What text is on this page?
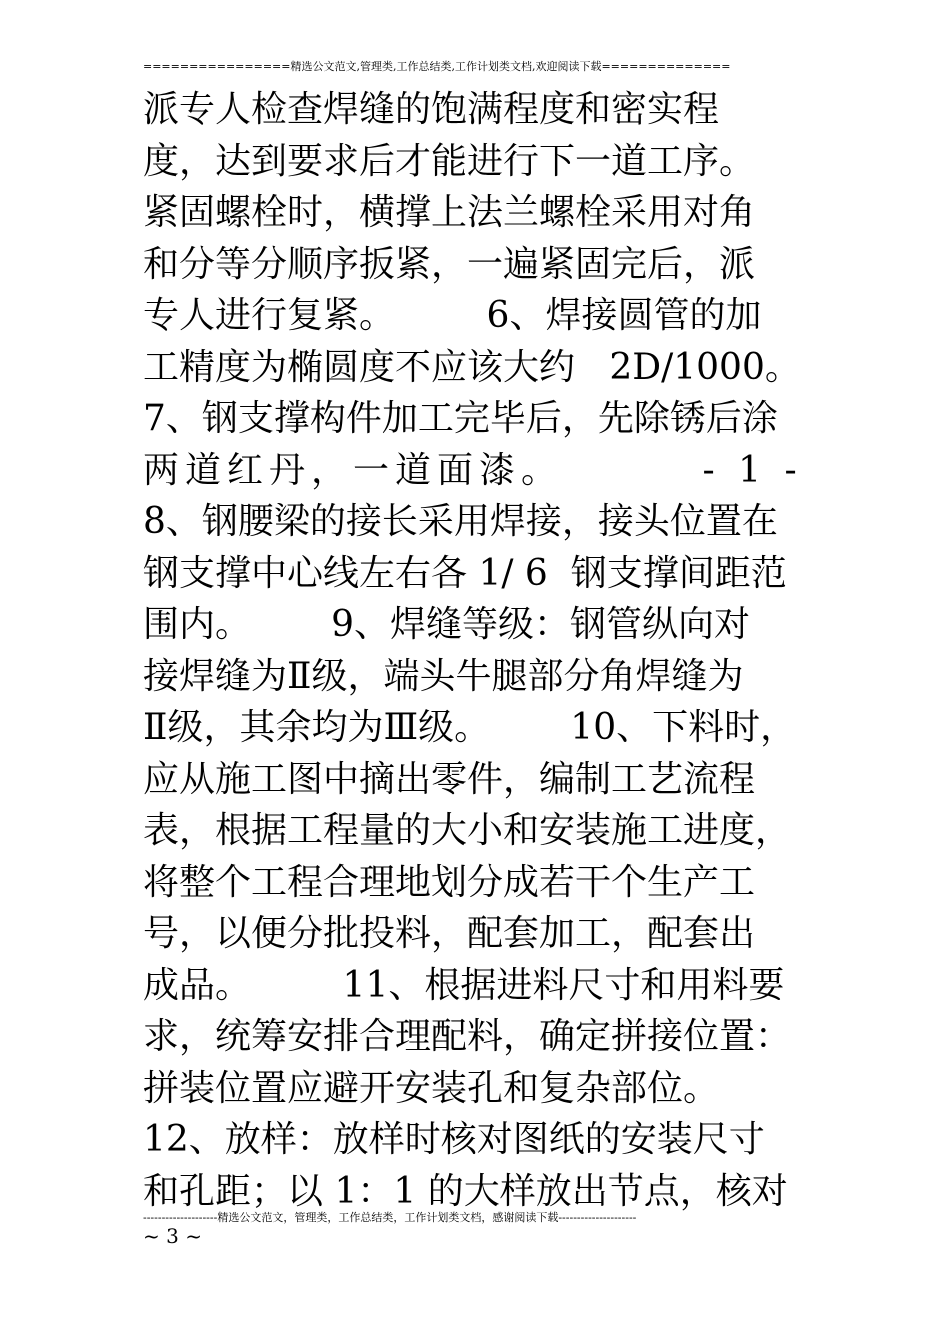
================精选公文范文,管理类,工作总结类,工作计划类文档,欢迎阅读下载==============
派专人检查焊缝的饱满程度和密实程
度，达到要求后才能进行下一道工序。
紧固螺栓时，横撑上法兰螺栓采用对角
和分等分顺序扳紧，一遍紧固完后，派
专人进行复紧。        6、焊接圆管的加
工精度为椭圆度不应该大约   2D/1000。
7、钢支撑构件加工完毕后，先除锈后涂
两道红丹，一道面漆。        - 1 -
8、钢腰梁的接长采用焊接，接头位置在
钢支撑中心线左右各 1/ 6  钢支撑间距范
围内。       9、焊缝等级：钢管纵向对
接焊缝为Ⅱ级，端头牛腿部分角焊缝为
Ⅱ级，其余均为Ⅲ级。       10、下料时，
应从施工图中摘出零件，编制工艺流程
表，根据工程量的大小和安装施工进度，
将整个工程合理地划分成若干个生产工
号，以便分批投料，配套加工，配套出
成品。        11、根据进料尺寸和用料要
求，统筹安排合理配料，确定拼接位置：
拼装位置应避开安装孔和复杂部位。
12、放样：放样时核对图纸的安装尺寸
和孔距；以 1：1 的大样放出节点，核对
--------------------精选公文范文，管理类，工作总结类，工作计划类文档，感谢阅读下载---------------------
~ 3 ~
